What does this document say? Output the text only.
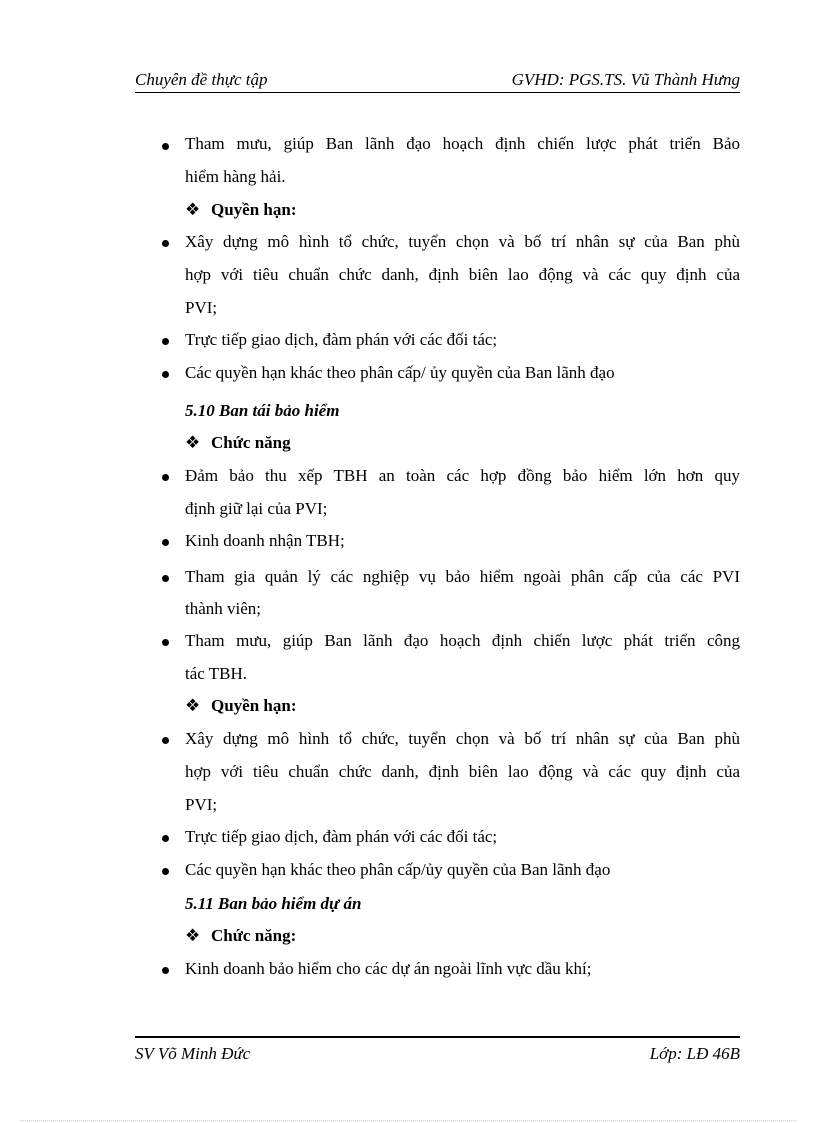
Chuyên đề thực tập	GVHD: PGS.TS. Vũ Thành Hưng
Tham mưu, giúp Ban lãnh đạo hoạch định chiến lược phát triển Bảo
hiểm hàng hải.
❖ Quyền hạn:
Xây dựng mô hình tổ chức, tuyển chọn và bố trí nhân sự của Ban phù
hợp với tiêu chuẩn chức danh, định biên lao động và các quy định của
PVI;
Trực tiếp giao dịch, đàm phán với các đối tác;
Các quyền hạn khác theo phân cấp/ ủy quyền của Ban lãnh đạo
5.10 Ban tái bảo hiểm
❖ Chức năng
Đảm bảo thu xếp TBH an toàn các hợp đồng bảo hiểm lớn hơn quy
định giữ lại của PVI;
Kinh doanh nhận TBH;
Tham gia quản lý các nghiệp vụ bảo hiểm ngoài phân cấp của các PVI
thành viên;
Tham mưu, giúp Ban lãnh đạo hoạch định chiến lược phát triển công
tác TBH.
❖ Quyền hạn:
Xây dựng mô hình tổ chức, tuyển chọn và bố trí nhân sự của Ban phù
hợp với tiêu chuẩn chức danh, định biên lao động và các quy định của
PVI;
Trực tiếp giao dịch, đàm phán với các đối tác;
Các quyền hạn khác theo phân cấp/ủy quyền của Ban lãnh đạo
5.11 Ban bảo hiểm dự án
❖ Chức năng:
Kinh doanh bảo hiểm cho các dự án ngoài lĩnh vực dầu khí;
SV Võ Minh Đức	Lớp: LĐ 46B
